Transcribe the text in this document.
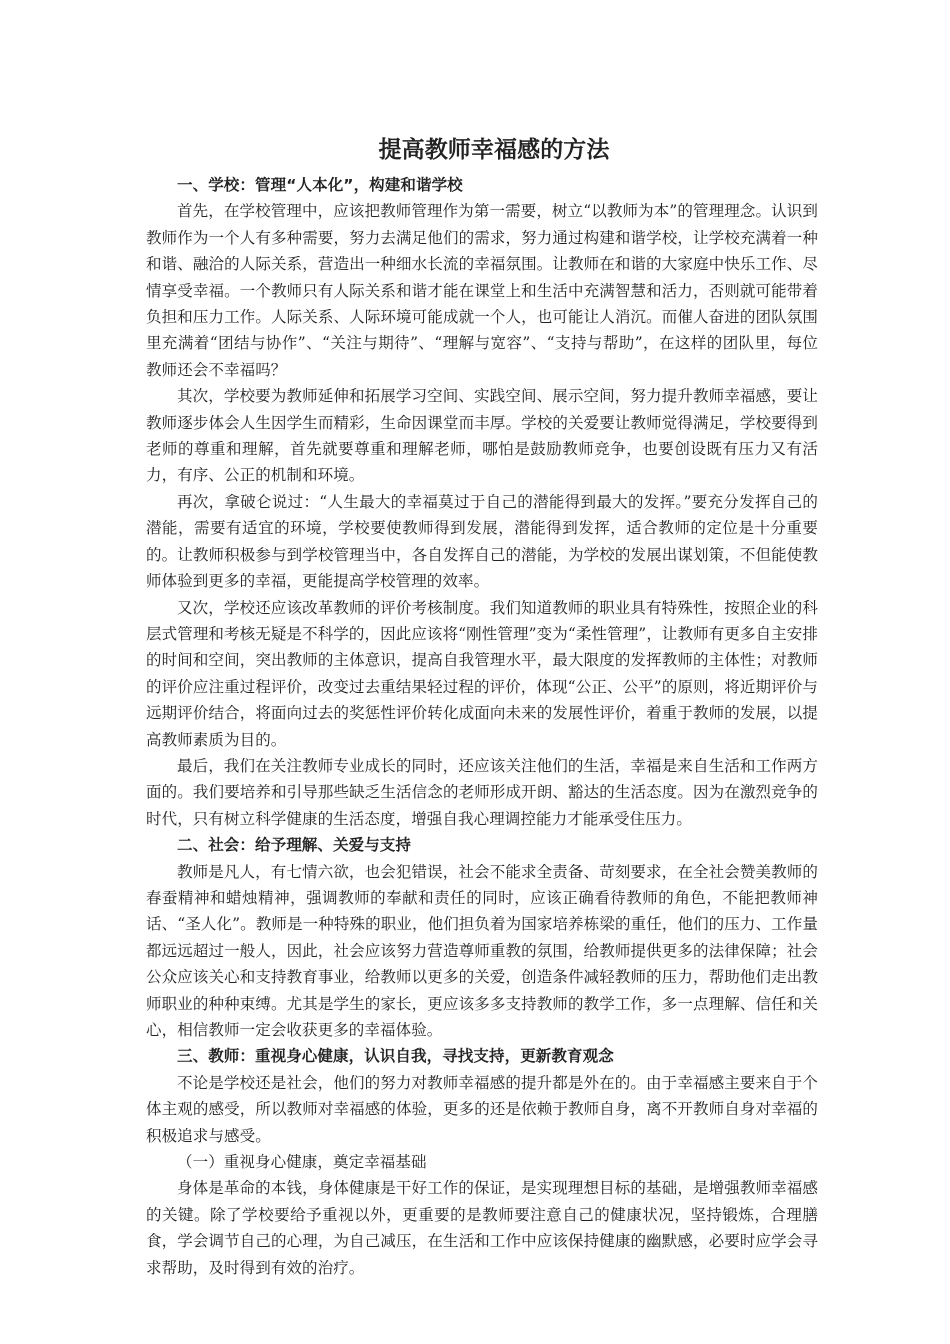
提高教师幸福感的方法
一、学校：管理“人本化”，构建和谐学校

首先，在学校管理中，应该把教师管理作为第一需要，树立“以教师为本”的管理理念。认识到教师作为一个人有多种需要，努力去满足他们的需求，努力通过构建和谐学校，让学校充满着一种和谐、融洽的人际关系，营造出一种细水长流的幸福氛围。让教师在和谐的大家庭中快乐工作、尽情享受幸福。一个教师只有人际关系和谐才能在课堂上和生活中充满智慧和活力，否则就可能带着负担和压力工作。人际关系、人际环境可能成就一个人，也可能让人消沉。而催人奋进的团队氛围里充满着“团结与协作”、“关注与期待”、“理解与宽容”、“支持与帮助”，在这样的团队里，每位教师还会不幸福吗？

其次，学校要为教师延伸和拓展学习空间、实践空间、展示空间，努力提升教师幸福感，要让教师逐步体会人生因学生而精彩，生命因课堂而丰厚。学校的关爱要让教师觉得满足，学校要得到老师的尊重和理解，首先就要尊重和理解老师，哪怕是鼓励教师竞争，也要创设既有压力又有活力，有序、公正的机制和环境。

再次，拿破仑说过：“人生最大的幸福莫过于自己的潜能得到最大的发挥。”要充分发挥自己的潜能，需要有适宜的环境，学校要使教师得到发展，潜能得到发挥，适合教师的定位是十分重要的。让教师积极参与到学校管理当中，各自发挥自己的潜能，为学校的发展出谋划策，不但能使教师体验到更多的幸福，更能提高学校管理的效率。

又次，学校还应该改革教师的评价考核制度。我们知道教师的职业具有特殊性，按照企业的科层式管理和考核无疑是不科学的，因此应该将“刚性管理”变为“柔性管理”，让教师有更多自主安排的时间和空间，突出教师的主体意识，提高自我管理水平，最大限度的发挥教师的主体性；对教师的评价应注重过程评价，改变过去重结果轻过程的评价，体现“公正、公平”的原则，将近期评价与远期评价结合，将面向过去的奖惩性评价转化成面向未来的发展性评价，着重于教师的发展，以提高教师素质为目的。

最后，我们在关注教师专业成长的同时，还应该关注他们的生活，幸福是来自生活和工作两方面的。我们要培养和引导那些缺乏生活信念的老师形成开朗、豁达的生活态度。因为在激烈竞争的时代，只有树立科学健康的生活态度，增强自我心理调控能力才能承受住压力。

二、社会：给予理解、关爱与支持

教师是凡人，有七情六欲，也会犯错误，社会不能求全责备、苛刻要求，在全社会赞美教师的春蚕精神和蜡烛精神，强调教师的奉献和责任的同时，应该正确看待教师的角色，不能把教师神话、“圣人化”。教师是一种特殊的职业，他们担负着为国家培养栋梁的重任，他们的压力、工作量都远远超过一般人，因此，社会应该努力营造尊师重教的氛围，给教师提供更多的法律保障；社会公众应该关心和支持教育事业，给教师以更多的关爱，创造条件减轻教师的压力，帮助他们走出教师职业的种种束缚。尤其是学生的家长，更应该多多支持教师的教学工作，多一点理解、信任和关心，相信教师一定会收获更多的幸福体验。

三、教师：重视身心健康，认识自我，寻找支持，更新教育观念

不论是学校还是社会，他们的努力对教师幸福感的提升都是外在的。由于幸福感主要来自于个体主观的感受，所以教师对幸福感的体验，更多的还是依赖于教师自身，离不开教师自身对幸福的积极追求与感受。

（一）重视身心健康，奠定幸福基础

身体是革命的本钱，身体健康是干好工作的保证，是实现理想目标的基础，是增强教师幸福感的关键。除了学校要给予重视以外，更重要的是教师要注意自己的健康状况，坚持锻炼，合理膳食，学会调节自己的心理，为自己减压，在生活和工作中应该保持健康的幽默感，必要时应学会寻求帮助，及时得到有效的治疗。
